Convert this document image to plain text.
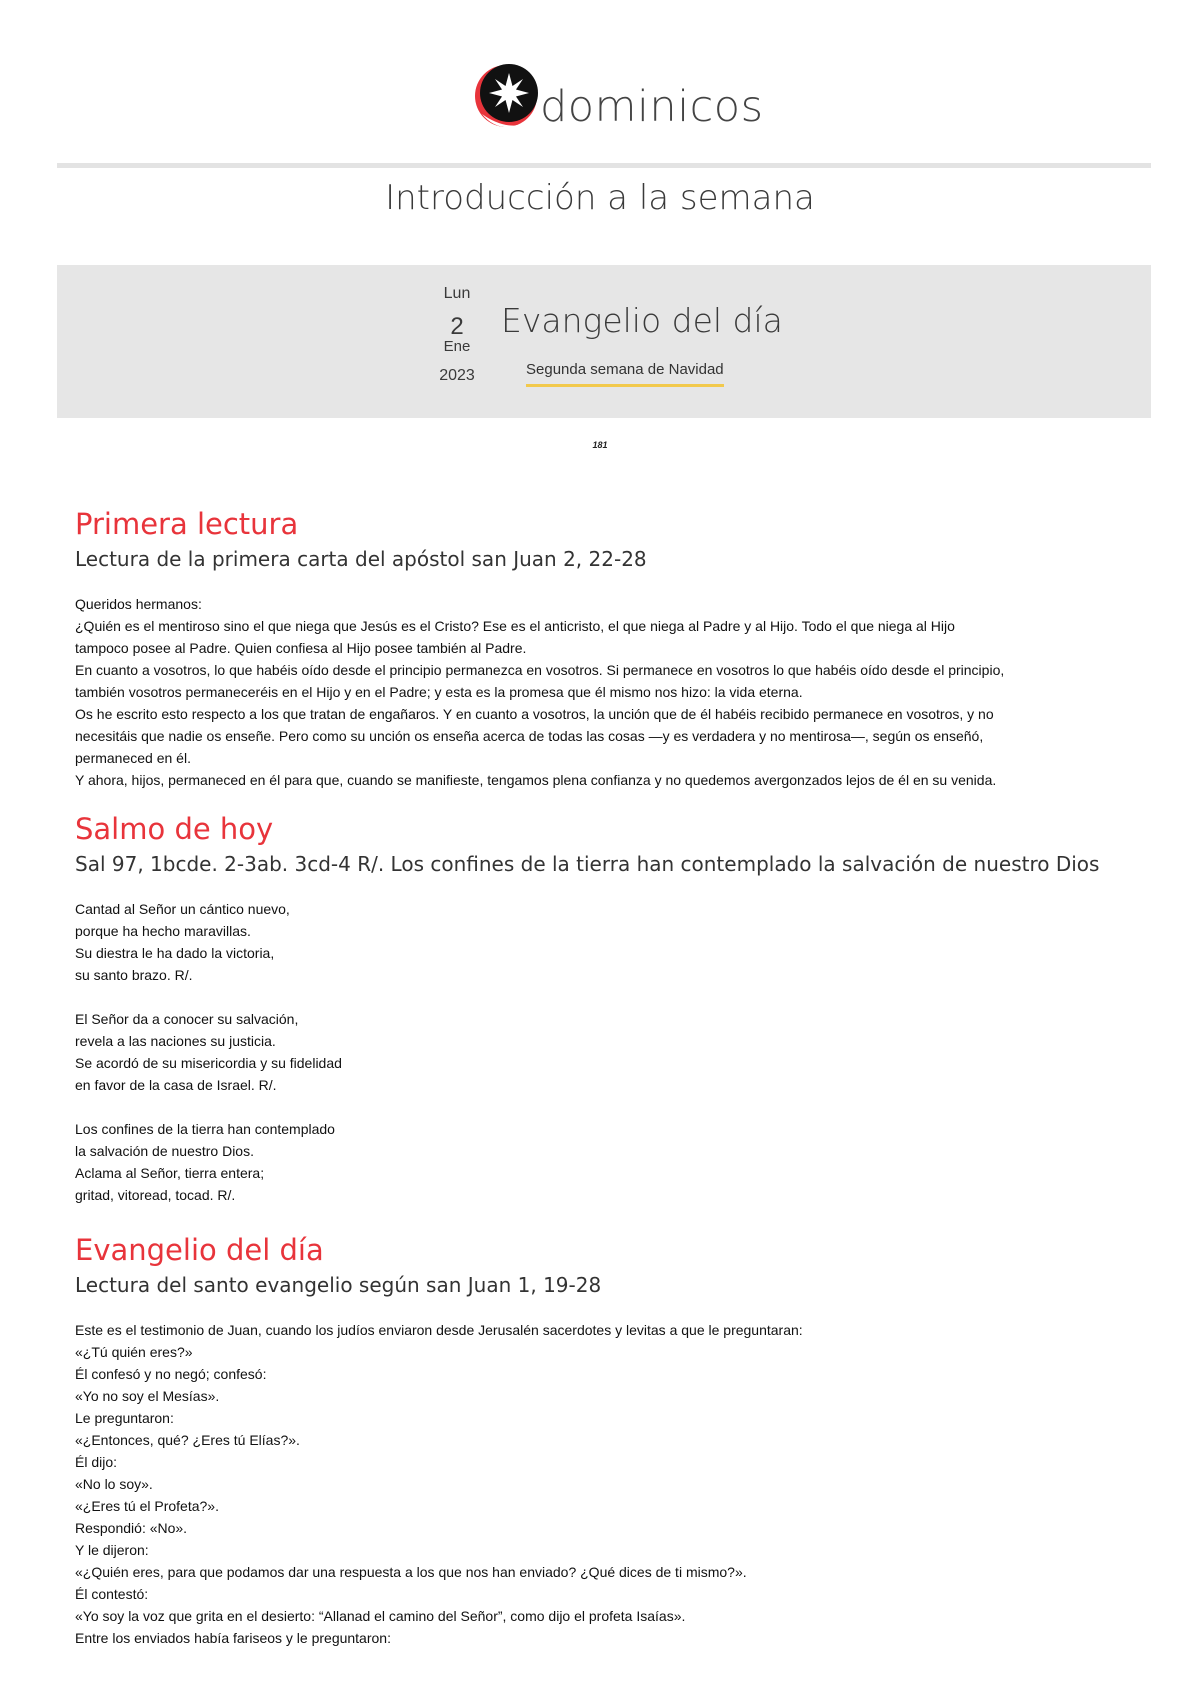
dominicos
Introducción a la semana
Lun
2
Ene
2023
Evangelio del día
Segunda semana de Navidad
181
Primera lectura
Lectura de la primera carta del apóstol san Juan 2, 22-28
Queridos hermanos:
¿Quién es el mentiroso sino el que niega que Jesús es el Cristo? Ese es el anticristo, el que niega al Padre y al Hijo. Todo el que niega al Hijo
tampoco posee al Padre. Quien confiesa al Hijo posee también al Padre.
En cuanto a vosotros, lo que habéis oído desde el principio permanezca en vosotros. Si permanece en vosotros lo que habéis oído desde el principio,
también vosotros permaneceréis en el Hijo y en el Padre; y esta es la promesa que él mismo nos hizo: la vida eterna.
Os he escrito esto respecto a los que tratan de engañaros. Y en cuanto a vosotros, la unción que de él habéis recibido permanece en vosotros, y no
necesitáis que nadie os enseñe. Pero como su unción os enseña acerca de todas las cosas —y es verdadera y no mentirosa—, según os enseñó,
permaneced en él.
Y ahora, hijos, permaneced en él para que, cuando se manifieste, tengamos plena confianza y no quedemos avergonzados lejos de él en su venida.
Salmo de hoy
Sal 97, 1bcde. 2-3ab. 3cd-4 R/. Los confines de la tierra han contemplado la salvación de nuestro Dios
Cantad al Señor un cántico nuevo,
porque ha hecho maravillas.
Su diestra le ha dado la victoria,
su santo brazo. R/.
El Señor da a conocer su salvación,
revela a las naciones su justicia.
Se acordó de su misericordia y su fidelidad
en favor de la casa de Israel. R/.
Los confines de la tierra han contemplado
la salvación de nuestro Dios.
Aclama al Señor, tierra entera;
gritad, vitoread, tocad. R/.
Evangelio del día
Lectura del santo evangelio según san Juan 1, 19-28
Este es el testimonio de Juan, cuando los judíos enviaron desde Jerusalén sacerdotes y levitas a que le preguntaran:
«¿Tú quién eres?»
Él confesó y no negó; confesó:
«Yo no soy el Mesías».
Le preguntaron:
«¿Entonces, qué? ¿Eres tú Elías?».
Él dijo:
«No lo soy».
«¿Eres tú el Profeta?».
Respondió: «No».
Y le dijeron:
«¿Quién eres, para que podamos dar una respuesta a los que nos han enviado? ¿Qué dices de ti mismo?».
Él contestó:
«Yo soy la voz que grita en el desierto: “Allanad el camino del Señor”, como dijo el profeta Isaías».
Entre los enviados había fariseos y le preguntaron:
